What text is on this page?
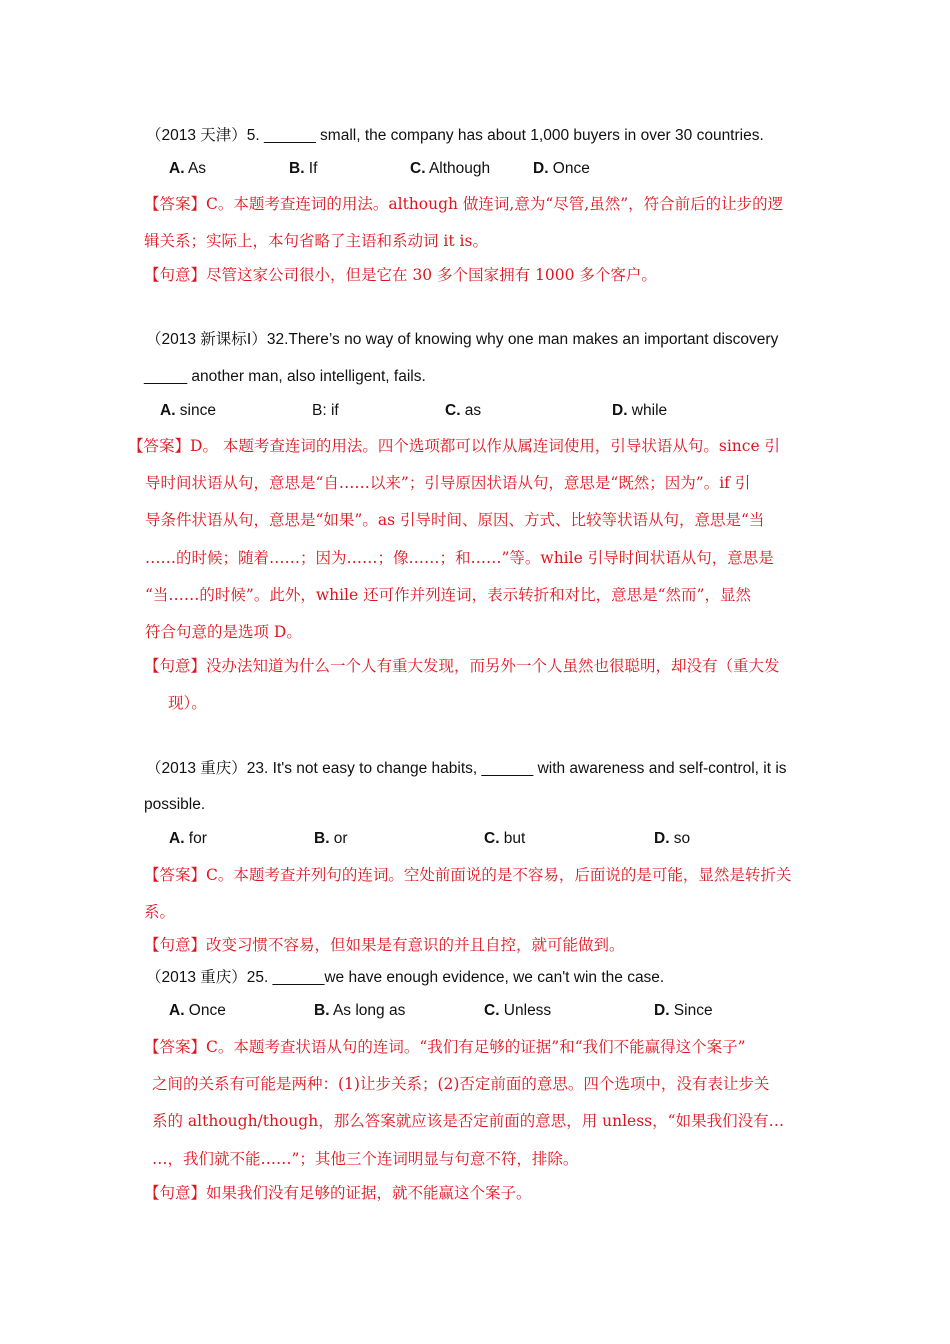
（2013 天津）5. ______ small, the company has about 1,000 buyers in over 30 countries.
A. As	B. If	C. Although	D. Once
【答案】C。本题考查连词的用法。although 做连词,意为“尽管,虽然”，符合前后的让步的逻
辑关系；实际上，本句省略了主语和系动词 it is。
【句意】尽管这家公司很小，但是它在 30 多个国家拥有 1000 多个客户。
（2013 新课标Ⅰ）32.There’s no way of knowing why one man makes an important discovery
_____ another man, also intelligent, fails.
A. since	B: if	C. as	D. while
【答案】D。 本题考查连词的用法。四个选项都可以作从属连词使用，引导状语从句。since 引
导时间状语从句，意思是“自……以来”；引导原因状语从句，意思是“既然；因为”。if 引
导条件状语从句，意思是“如果”。as 引导时间、原因、方式、比较等状语从句，意思是“当
……的时候；随着……；因为……；像……；和……”等。while 引导时间状语从句，意思是
“当……的时候”。此外，while 还可作并列连词，表示转折和对比，意思是“然而”，显然
符合句意的是选项 D。
【句意】没办法知道为什么一个人有重大发现，而另外一个人虽然也很聪明，却没有（重大发
现）。
（2013 重庆）23. It's not easy to change habits, ______ with awareness and self-control, it is
possible.
A. for	B. or	C. but	D. so
【答案】C。本题考查并列句的连词。空处前面说的是不容易，后面说的是可能，显然是转折关
系。
【句意】改变习惯不容易，但如果是有意识的并且自控，就可能做到。
（2013 重庆）25. ______we have enough evidence, we can't win the case.
A. Once	B. As long as	C. Unless	D. Since
【答案】C。本题考查状语从句的连词。“我们有足够的证据”和“我们不能赢得这个案子”
之间的关系有可能是两种：(1)让步关系；(2)否定前面的意思。四个选项中，没有表让步关
系的 although/though，那么答案就应该是否定前面的意思，用 unless，“如果我们没有…
…，我们就不能……”；其他三个连词明显与句意不符，排除。
【句意】如果我们没有足够的证据，就不能赢这个案子。
